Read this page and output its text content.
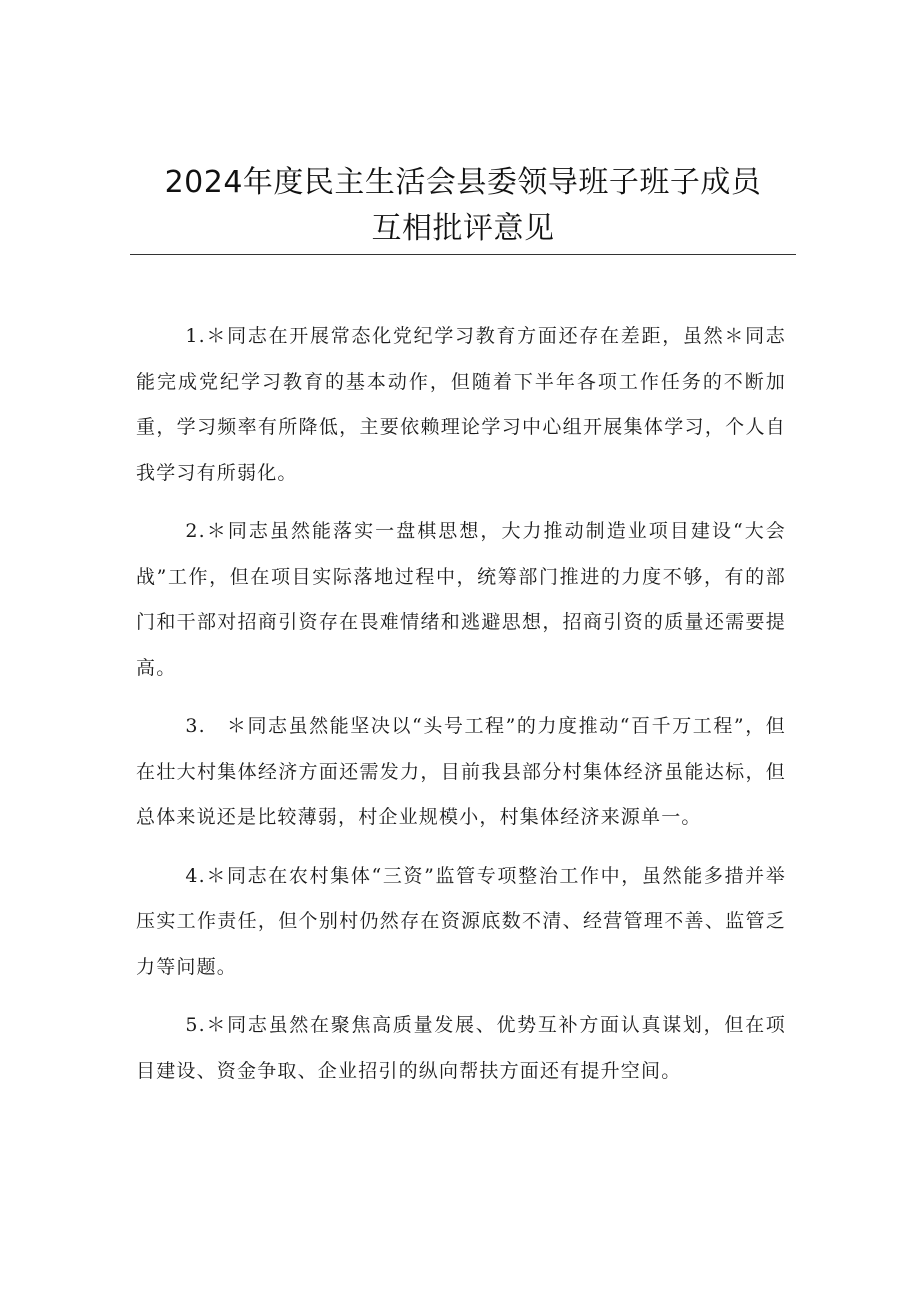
2024年度民主生活会县委领导班子班子成员
互相批评意见

1.＊同志在开展常态化党纪学习教育方面还存在差距，虽然＊同志能完成党纪学习教育的基本动作，但随着下半年各项工作任务的不断加重，学习频率有所降低，主要依赖理论学习中心组开展集体学习，个人自我学习有所弱化。

2.＊同志虽然能落实一盘棋思想，大力推动制造业项目建设“大会战”工作，但在项目实际落地过程中，统筹部门推进的力度不够，有的部门和干部对招商引资存在畏难情绪和逃避思想，招商引资的质量还需要提高。

3.　＊同志虽然能坚决以“头号工程”的力度推动“百千万工程”，但在壮大村集体经济方面还需发力，目前我县部分村集体经济虽能达标，但总体来说还是比较薄弱，村企业规模小，村集体经济来源单一。

4.＊同志在农村集体“三资”监管专项整治工作中，虽然能多措并举压实工作责任，但个别村仍然存在资源底数不清、经营管理不善、监管乏力等问题。

5.＊同志虽然在聚焦高质量发展、优势互补方面认真谋划，但在项目建设、资金争取、企业招引的纵向帮扶方面还有提升空间。
